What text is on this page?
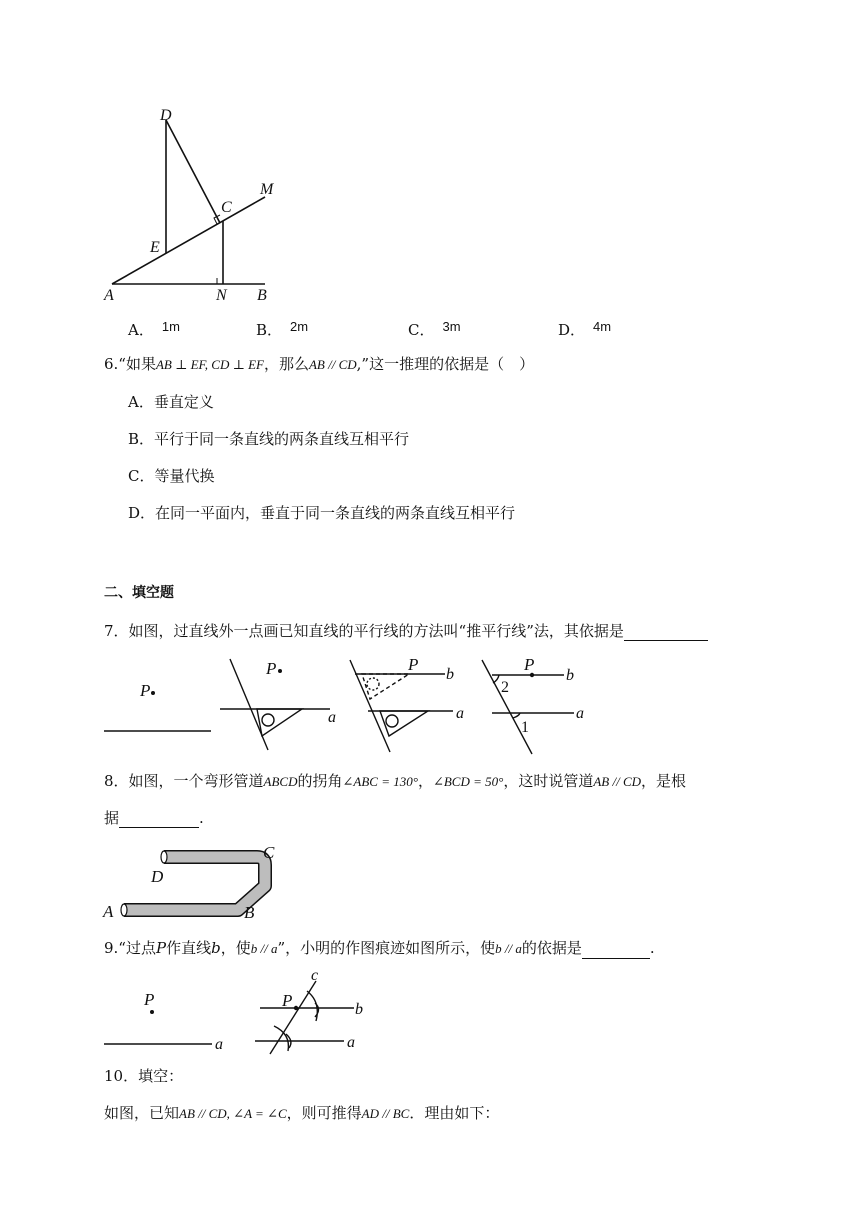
D
M
C
E
A	N B
A． 1m	B． 2m	C． 3m	D． 4m
6.“如果AB ⊥ EF, CD ⊥ EF，那么AB // CD,”这一推理的依据是（　）
A．垂直定义
B．平行于同一条直线的两条直线互相平行
C．等量代换
D．在同一平面内，垂直于同一条直线的两条直线互相平行
二、填空题
7．如图，过直线外一点画已知直线的平行线的方法叫“推平行线”法，其依据是
P
P
a
P
b
a
P
b
a
2
1
8．如图，一个弯形管道ABCD的拐角∠ABC = 130°，∠BCD = 50°，这时说管道AB // CD，是根
据	.
A	B
C
D
9.“过点P作直线b，使b // a”，小明的作图痕迹如图所示，使b // a的依据是	.
P
a
P
c
b
a
10．填空：
如图，已知AB // CD, ∠A = ∠C，则可推得AD // BC．理由如下：
